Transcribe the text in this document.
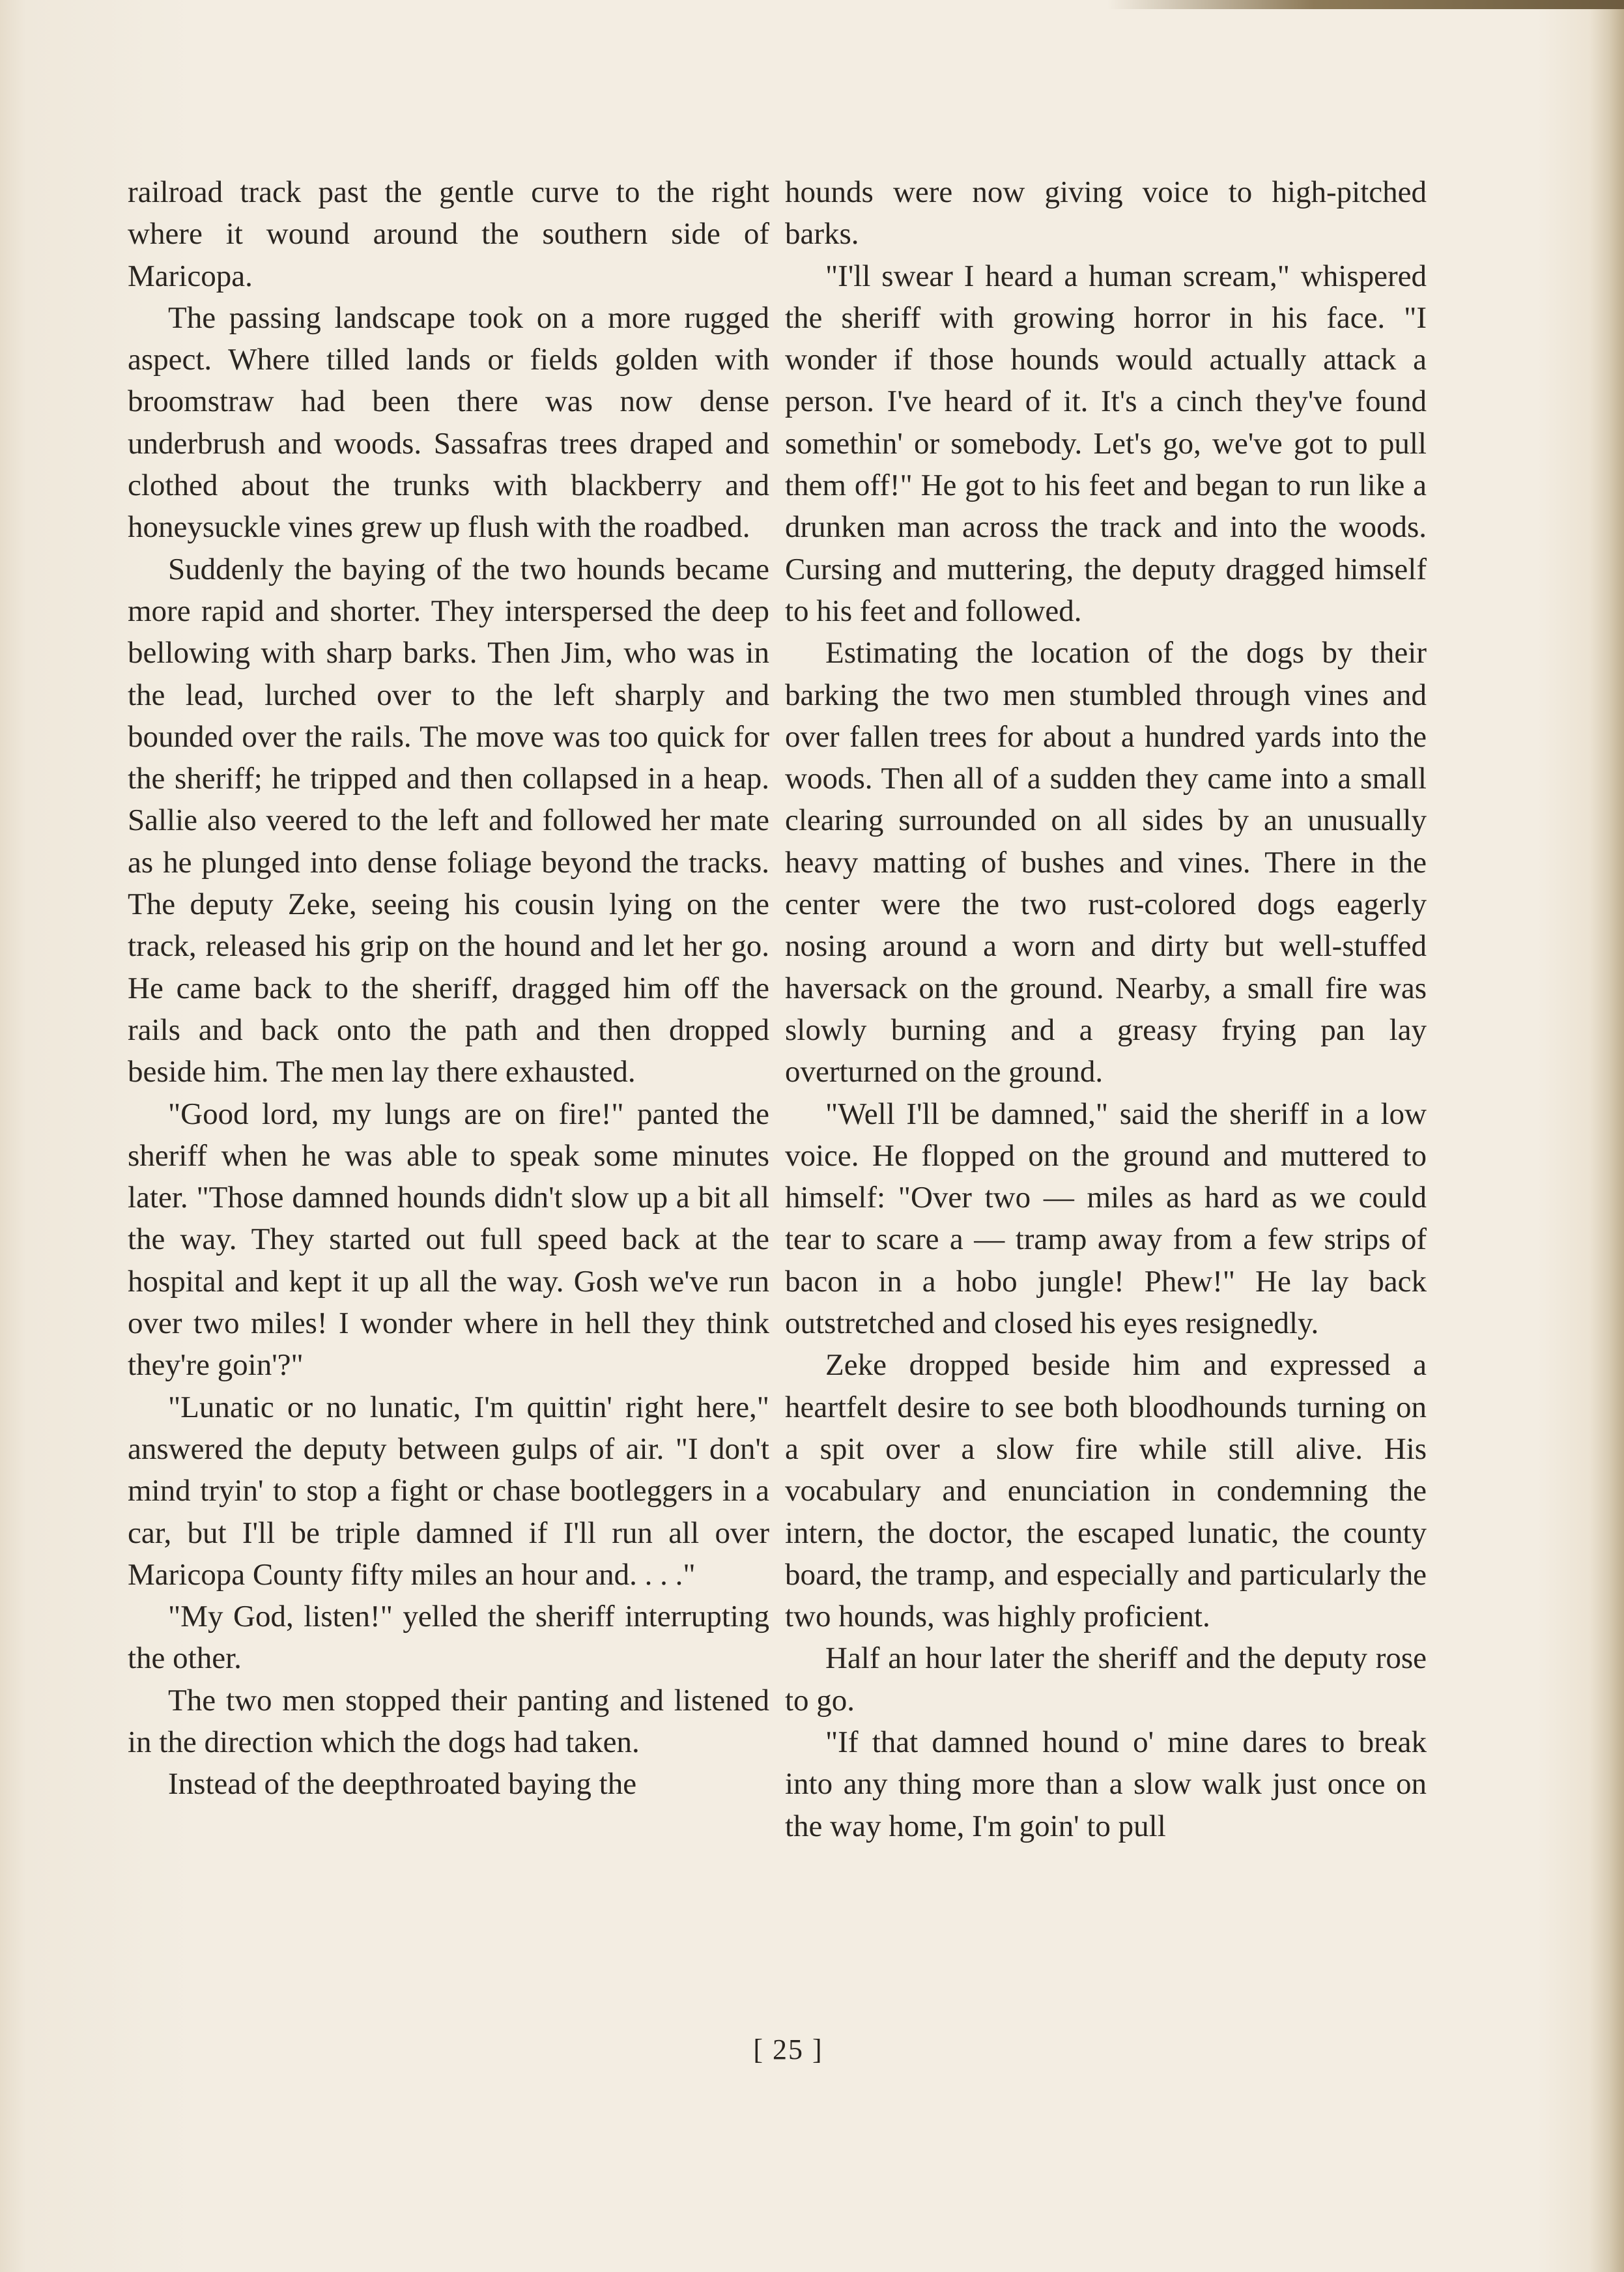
railroad track past the gentle curve to the right where it wound around the southern side of Maricopa.

The passing landscape took on a more rugged aspect. Where tilled lands or fields golden with broomstraw had been there was now dense underbrush and woods. Sassafras trees draped and clothed about the trunks with blackberry and honeysuckle vines grew up flush with the roadbed.

Suddenly the baying of the two hounds became more rapid and shorter. They interspersed the deep bellowing with sharp barks. Then Jim, who was in the lead, lurched over to the left sharply and bounded over the rails. The move was too quick for the sheriff; he tripped and then collapsed in a heap. Sallie also veered to the left and followed her mate as he plunged into dense foliage beyond the tracks. The deputy Zeke, seeing his cousin lying on the track, released his grip on the hound and let her go. He came back to the sheriff, dragged him off the rails and back onto the path and then dropped beside him. The men lay there exhausted.

"Good lord, my lungs are on fire!" panted the sheriff when he was able to speak some minutes later. "Those damned hounds didn't slow up a bit all the way. They started out full speed back at the hospital and kept it up all the way. Gosh we've run over two miles! I wonder where in hell they think they're goin'?"

"Lunatic or no lunatic, I'm quittin' right here," answered the deputy between gulps of air. "I don't mind tryin' to stop a fight or chase bootleggers in a car, but I'll be triple damned if I'll run all over Maricopa County fifty miles an hour and. . . ."

"My God, listen!" yelled the sheriff interrupting the other.

The two men stopped their panting and listened in the direction which the dogs had taken.

Instead of the deepthroated baying the

hounds were now giving voice to high-pitched barks.

"I'll swear I heard a human scream," whispered the sheriff with growing horror in his face. "I wonder if those hounds would actually attack a person. I've heard of it. It's a cinch they've found somethin' or somebody. Let's go, we've got to pull them off!" He got to his feet and began to run like a drunken man across the track and into the woods. Cursing and muttering, the deputy dragged himself to his feet and followed.

Estimating the location of the dogs by their barking the two men stumbled through vines and over fallen trees for about a hundred yards into the woods. Then all of a sudden they came into a small clearing surrounded on all sides by an unusually heavy matting of bushes and vines. There in the center were the two rust-colored dogs eagerly nosing around a worn and dirty but well-stuffed haversack on the ground. Nearby, a small fire was slowly burning and a greasy frying pan lay overturned on the ground.

"Well I'll be damned," said the sheriff in a low voice. He flopped on the ground and muttered to himself: "Over two — miles as hard as we could tear to scare a — tramp away from a few strips of bacon in a hobo jungle! Phew!" He lay back outstretched and closed his eyes resignedly.

Zeke dropped beside him and expressed a heartfelt desire to see both bloodhounds turning on a spit over a slow fire while still alive. His vocabulary and enunciation in condemning the intern, the doctor, the escaped lunatic, the county board, the tramp, and especially and particularly the two hounds, was highly proficient.

Half an hour later the sheriff and the deputy rose to go.

"If that damned hound o' mine dares to break into any thing more than a slow walk just once on the way home, I'm goin' to pull

[ 25 ]
